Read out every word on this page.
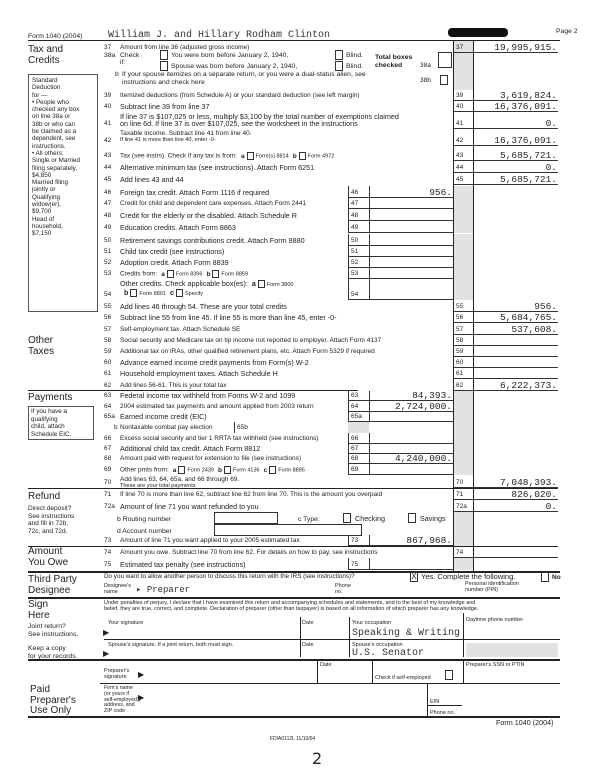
Form 1040 (2004)	William J. and Hillary Rodham Clinton	Page 2
Tax and Credits
Standard
Deduction
for —
• People who
checked any box
on line 38a or
38b or who can
be claimed as a
dependent, see
instructions.
• All others:
Single or Married
filing separately,
$4,850
Married filing
jointly or
Qualifying
widow(er),
$9,700
Head of
household,
$7,150
Other Taxes
Payments
If you have a
qualifying
child, attach
Schedule EIC.
Refund
Direct deposit?
See instructions
and fill in 72b,
72c, and 72d.
Amount You Owe
Third Party Designee
Sign Here
Joint return?
See instructions.
Keep a copy
for your records.
Paid Preparer's Use Only
38a Check if:
You were born before January 2, 1940,	Blind.
Spouse was born before January 2, 1940,	Blind.
Total boxes checked	38a
b If your spouse itemizes on a separate return, or you were a dual-status alien, see instructions and check here	38b
37	Amount from line 36 (adjusted gross income)	37	19,995,915.
39	Itemized deductions (from Schedule A) or your standard deduction (see left margin)	39	3,619,824.
40	Subtract line 39 from line 37	40	16,376,091.
41
If line 37 is $107,025 or less, multiply $3,100 by the total number of exemptions claimed
on line 6d. If line 37 is over $107,025, see the worksheet in the instructions	41	0.
42
Taxable income. Subtract line 41 from line 40.
If line 41 is more than line 40, enter -0-	42	16,376,091.
43	Tax (see instrs). Check if any tax is from: a Form(s) 8814 b Form 4972	43	5,685,721.
44	Alternative minimum tax (see instructions). Attach Form 6251	44	0.
45	Add lines 43 and 44	45	5,685,721.
46	Foreign tax credit. Attach Form 1116 if required	46	956.
47	Credit for child and dependent care expenses. Attach Form 2441	47
48	Credit for the elderly or the disabled. Attach Schedule R	48
49	Education credits. Attach Form 8863	49
50	Retirement savings contributions credit. Attach Form 8880	50
51	Child tax credit (see instructions)	51
52	Adoption credit. Attach Form 8839	52
53	Credits from: a Form 8396 b Form 8859	53
54
Other credits. Check applicable box(es): a Form 3800
b Form 8801 c Specify	54
55	Add lines 46 through 54. These are your total credits	55	956.
56	Subtract line 55 from line 45. If line 55 is more than line 45, enter -0-	56	5,684,765.
57	Self-employment tax. Attach Schedule SE	57	537,608.
58	Social security and Medicare tax on tip income not reported to employer. Attach Form 4137	58
59	Additional tax on IRAs, other qualified retirement plans, etc. Attach Form 5329 if required	59
60	Advance earned income credit payments from Form(s) W-2	60
61	Household employment taxes. Attach Schedule H	61
62	Add lines 56-61. This is your total tax	62	6,222,373.
63	Federal income tax withheld from Forms W-2 and 1099	63	84,393.
64	2004 estimated tax payments and amount applied from 2003 return	64	2,724,000.
65a Earned income credit (EIC)	65a
b Nontaxable combat pay election	65b
66	Excess social security and tier 1 RRTA tax withheld (see instructions)	66
67	Additional child tax credit. Attach Form 8812	67
68	Amount paid with request for extension to file (see instructions)	68	4,240,000.
69	Other pmts from: a Form 2439 b Form 4136 c Form 8885	69
70	Add lines 63, 64, 65a, and 66 through 69.
These are your total payments	70	7,048,393.
71	If line 70 is more than line 62, subtract line 62 from line 70. This is the amount you overpaid	71	826,020.
72a Amount of line 71 you want refunded to you	72a	0.
73	Amount of line 71 you want applied to your 2005 estimated tax	73	867,968.
74	Amount you owe. Subtract line 70 from line 62. For details on how to pay, see instructions	74
75	Estimated tax penalty (see instructions)	75
b Routing number	c Type:	Checking	Savings
d Account number
Do you want to allow another person to discuss this return with the IRS (see instructions)?	X Yes. Complete the following.	No
Designee's name	▸ Preparer	Phone no.
Personal identification number (PIN)
Under penalties of perjury, I declare that I have examined this return and accompanying schedules and statements, and to the best of my knowledge and
belief, they are true, correct, and complete. Declaration of preparer (other than taxpayer) is based on all information of which preparer has any knowledge.
Your signature
▶
Date	Your occupation
Speaking & Writing
Daytime phone number
Spouse's signature. If a joint return, both must sign.
▶
Date	Spouse's occupation
U.S. Senator
Preparer's signature	▶
Date
Check if self-employed
Preparer's SSN or PTIN
Firm's name
(or yours if
self-employed),
address, and
ZIP code
▶	EIN
Phone no.
Form 1040 (2004)
FDIA0112L 11/10/04
2
